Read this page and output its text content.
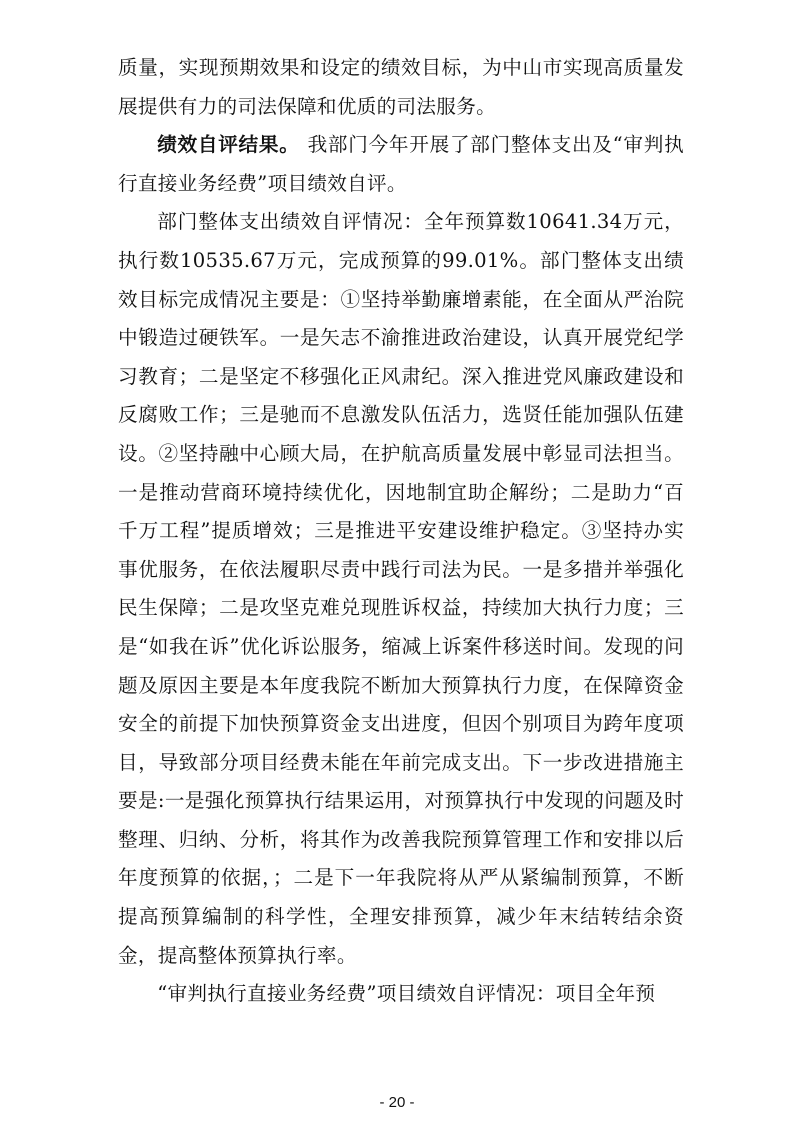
质量，实现预期效果和设定的绩效目标，为中山市实现高质量发展提供有力的司法保障和优质的司法服务。

绩效自评结果。 我部门今年开展了部门整体支出及“审判执行直接业务经费”项目绩效自评。

部门整体支出绩效自评情况：全年预算数10641.34万元，执行数10535.67万元，完成预算的99.01%。部门整体支出绩效目标完成情况主要是：①坚持举勤廉增素能，在全面从严治院中锻造过硬铁军。一是矢志不渝推进政治建设，认真开展党纪学习教育；二是坚定不移强化正风肃纪。深入推进党风廉政建设和反腐败工作；三是驰而不息激发队伍活力，选贤任能加强队伍建设。②坚持融中心顾大局，在护航高质量发展中彰显司法担当。一是推动营商环境持续优化，因地制宜助企解纷；二是助力“百千万工程”提质增效；三是推进平安建设维护稳定。③坚持办实事优服务，在依法履职尽责中践行司法为民。一是多措并举强化民生保障；二是攻坚克难兑现胜诉权益，持续加大执行力度；三是“如我在诉”优化诉讼服务，缩减上诉案件移送时间。发现的问题及原因主要是本年度我院不断加大预算执行力度，在保障资金安全的前提下加快预算资金支出进度，但因个别项目为跨年度项目，导致部分项目经费未能在年前完成支出。下一步改进措施主要是:一是强化预算执行结果运用，对预算执行中发现的问题及时整理、归纳、分析，将其作为改善我院预算管理工作和安排以后年度预算的依据，；二是下一年我院将从严从紧编制预算，不断提高预算编制的科学性，全理安排预算，减少年末结转结余资金，提高整体预算执行率。

“审判执行直接业务经费”项目绩效自评情况：项目全年预

- 20 -
